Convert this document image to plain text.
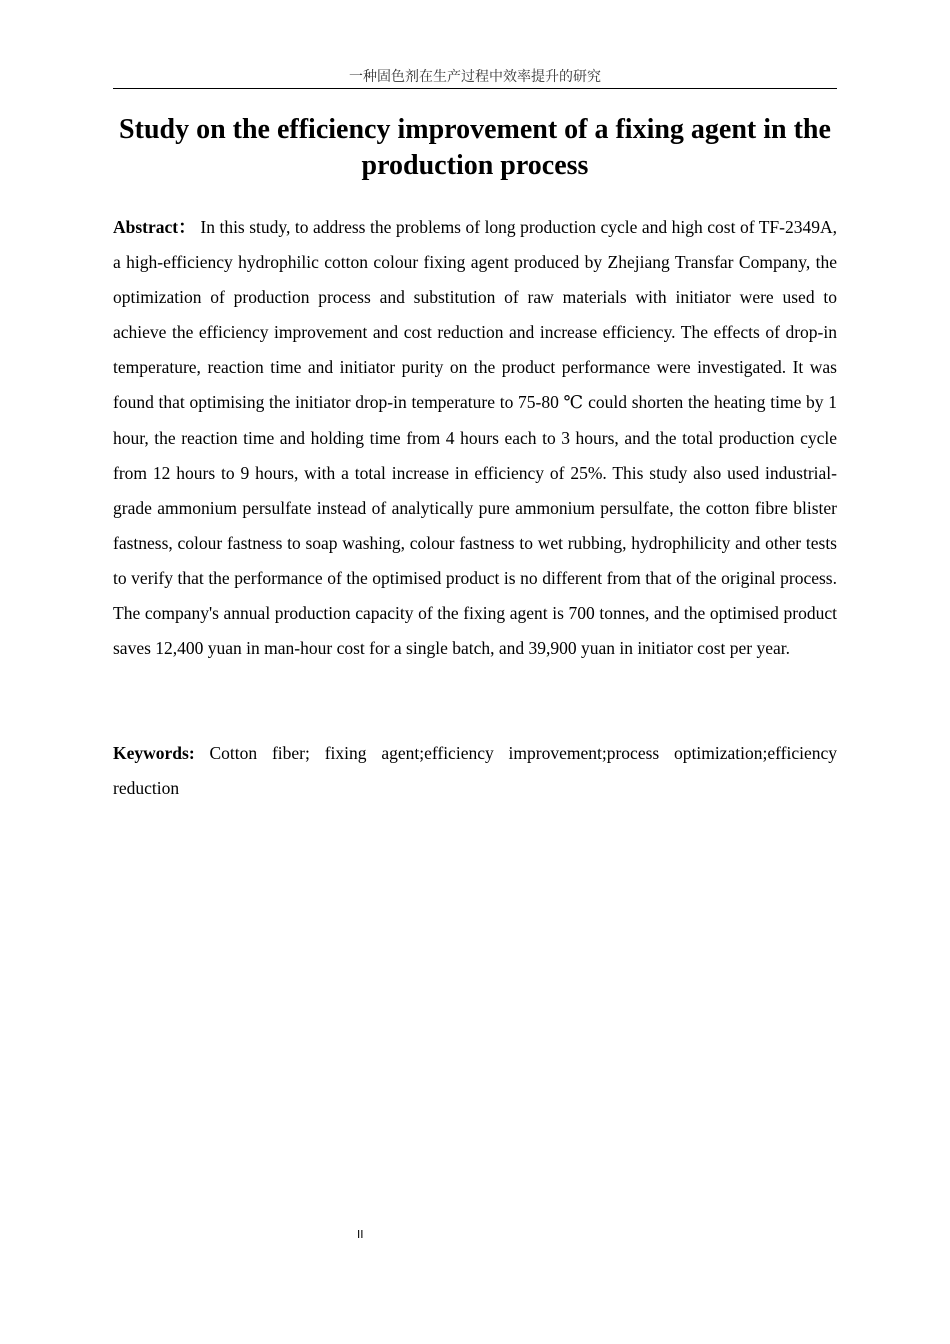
一种固色剂在生产过程中效率提升的研究
Study on the efficiency improvement of a fixing agent in the production process

Abstract： In this study, to address the problems of long production cycle and high cost of TF-2349A, a high-efficiency hydrophilic cotton colour fixing agent produced by Zhejiang Transfar Company, the optimization of production process and substitution of raw materials with initiator were used to achieve the efficiency improvement and cost reduction and increase efficiency. The effects of drop-in temperature, reaction time and initiator purity on the product performance were investigated. It was found that optimising the initiator drop-in temperature to 75-80 ℃ could shorten the heating time by 1 hour, the reaction time and holding time from 4 hours each to 3 hours, and the total production cycle from 12 hours to 9 hours, with a total increase in efficiency of 25%. This study also used industrial-grade ammonium persulfate instead of analytically pure ammonium persulfate, the cotton fibre blister fastness, colour fastness to soap washing, colour fastness to wet rubbing, hydrophilicity and other tests to verify that the performance of the optimised product is no different from that of the original process. The company's annual production capacity of the fixing agent is 700 tonnes, and the optimised product saves 12,400 yuan in man-hour cost for a single batch, and 39,900 yuan in initiator cost per year.

Keywords: Cotton fiber; fixing agent;efficiency improvement;process optimization;efficiency reduction

II
